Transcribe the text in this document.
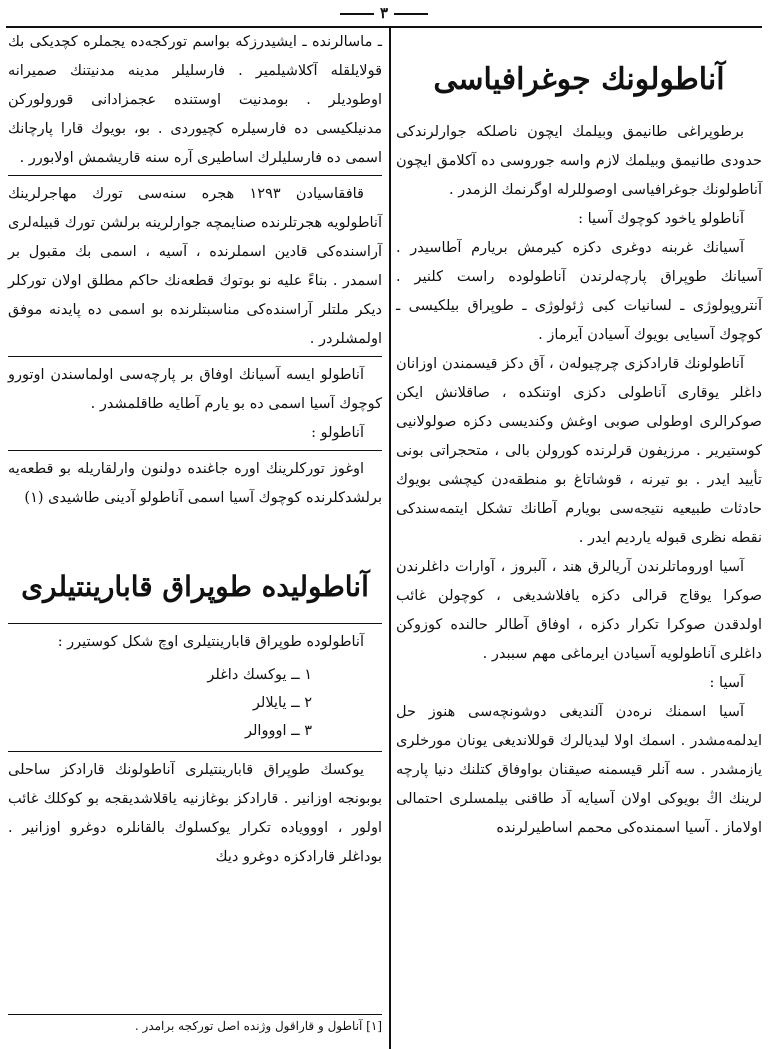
٣
آناطولونك جوغرافياسى

برطوپراغى طانيمق وبيلمك ايچون ناصلكه جوارلرندكى حدودى طانيمق وبيلمك لازم واسه جوروسى ده آكلامق ايچون آناطولونك جوغرافياسى اوصوللرله اوگرنمك الزمدر .

آناطولو ياخود كوچوك آسيا :

آسيانك غربنه دوغرى دكزه كيرمش بريارم آطاسيدر . آسيانك طوپراق پارچه‌لرندن آناطولوده راست كلنير . آنتروپولوژى ـ لسانيات كبى ژئولوژى ـ طوپراق بيلكيسى ـ كوچوك آسيايى بويوك آسيادن آيرماز .

آناطولونك قارادكزى چرچيولەن ، آق دكز قيسمندن اوزانان داغلر يوقارى آناطولى دكزى اوتنكده ، صاقلانش ايكن صوكرالرى اوطولى صوبى اوغش وكنديسى دكزه صولولانيى كوستيرير . مرزيفون قرلرنده كورولن بالى ، متحجراتى بونى تأييد ايدر . بو تيرنه ، قوشاتاغ بو منطقه‌دن كيچشى بويوك حادثات طبيعيه نتيجه‌سى بويارم آطانك تشكل ايتمه‌سندكى نقطه نظرى قبوله يارديم ايدر .

آسيا اوروماتلرندن آريالرق هند ، آلبروز ، آوارات داغلرندن صوكرا يوقاج قرالى دكزه يافلاشديغى ، كوچولن غائب اولدقدن صوكرا تكرار دكزه ، اوفاق آطالر حالنده كوزوكن داغلرى آناطولويه آسيادن ايرماغى مهم سببدر .

آسيا :

آسيا اسمنك نره‌دن آلنديغى دوشونچه‌سى هنوز حل ايدلمه‌مشدر . اسمك اولا ليديالرك قوللانديغى يونان مورخلرى يازمشدر . سه آنلر قيسمنه صيقنان بواوفاق كتلنك دنيا پارچه لرينك اڭ بويوكى اولان آسيايه آد طاقنى بيلمسلرى احتمالى اولاماز . آسيا اسمنده‌كى محمم اساطيرلرنده

ـ ماسالرنده ـ ايشيدرزكه بواسم توركجه‌ده يجملره كچديكى بك قولايلقله آكلاشيلمير . فارسليلر مدينه مدنيتنك صميرانه اوطوديلر . بومدنيت اوستنده عجمزادانى قورولوركن مدنيلكيسى ده فارسيلره كچيوردى . بو، بويوك قارا پارچانك اسمى ده فارسليلرك اساطيرى آره سنه قاريشمش اولابورر .

قافقاسيادن ١٢٩٣ هجره سنه‌سى تورك مهاجرلرينك آناطولويه هجرتلرنده صنايمچه جوارلرينه برلشن تورك قبيله‌لرى آراسنده‌كى قادين اسملرنده ، آسيه ، اسمى بك مقبول بر اسمدر . بناءً عليه نو بوتوك قطعه‌نك حاكم مطلق اولان توركلر ديكر ملتلر آراسنده‌كى مناسبتلرنده بو اسمى ده پايدنه موفق اولمشلردر .

آناطولو ايسه آسيانك اوفاق بر پارچه‌سى اولماسندن اوتورو كوچوك آسيا اسمى ده بو يارم آطايه طاقلمشدر .

آناطولو :

اوغوز توركلرينك اوره جاغنده دولنون وارلقاريله بو قطعه‌يه برلشدكلرنده كوچوك آسيا اسمى آناطولو آدينى طاشيدى (١)

آناطوليده طوپراق قابارينتيلرى

آناطولوده طوپراق قابارينتيلرى اوچ شكل كوستيرر :

١ ــ يوكسك داغلر
٢ ــ يايلالر
٣ ــ اوووالر

يوكسك طوپراق قابارينتيلرى آناطولونك قاراد‌كز ساحلى بوبونجه اوزانير . قارادكز بوغازنيه ياقلاشديقجه بو كوكلك غائب اولور ، اووويادە تكرار يوكسلوك بالقانلره دوغرو اوزانير . بوداغلر قارادكزه دوغرو ديك

[١] آناطول و قاراقول وژنده اصل توركجه برامدر .
